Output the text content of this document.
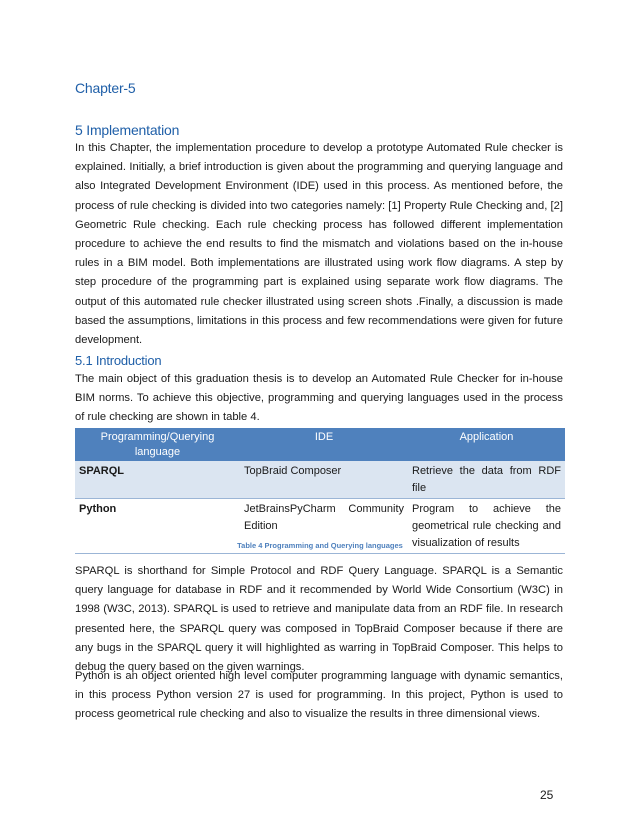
Chapter-5
5 Implementation

In this Chapter, the implementation procedure to develop a prototype Automated Rule checker is explained. Initially, a brief introduction is given about the programming and querying language and also Integrated Development Environment (IDE) used in this process. As mentioned before, the process of rule checking is divided into two categories namely: [1] Property Rule Checking and, [2] Geometric Rule checking. Each rule checking process has followed different implementation procedure to achieve the end results to find the mismatch and violations based on the in-house rules in a BIM model. Both implementations are illustrated using work flow diagrams. A step by step procedure of the programming part is explained using separate work flow diagrams. The output of this automated rule checker illustrated using screen shots .Finally, a discussion is made based the assumptions, limitations in this process and few recommendations were given for future development.

5.1 Introduction

The main object of this graduation thesis is to develop an Automated Rule Checker for in-house BIM norms. To achieve this objective, programming and querying languages used in the process of rule checking are shown in table 4.

Programming/Querying language	IDE	Application
SPARQL	TopBraid Composer	Retrieve the data from RDF file
Python	JetBrainsPyCharm Community Edition	Program to achieve the geometrical rule checking and visualization of results
Table 4 Programming and Querying languages

SPARQL is shorthand for Simple Protocol and RDF Query Language. SPARQL is a Semantic query language for database in RDF and it recommended by World Wide Consortium (W3C) in 1998 (W3C, 2013). SPARQL is used to retrieve and manipulate data from an RDF file. In research presented here, the SPARQL query was composed in TopBraid Composer because if there are any bugs in the SPARQL query it will highlighted as warring in TopBraid Composer. This helps to debug the query based on the given warnings.

Python is an object oriented high level computer programming language with dynamic semantics, in this process Python version 27 is used for programming. In this project, Python is used to process geometrical rule checking and also to visualize the results in three dimensional views.

25
